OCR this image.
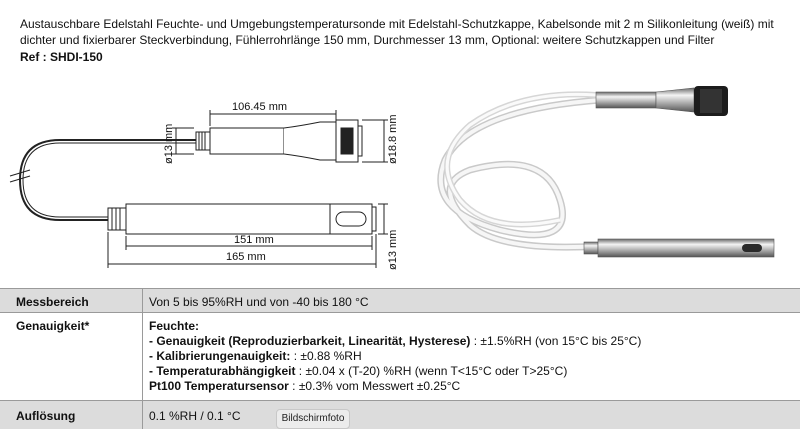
Austauschbare Edelstahl Feuchte- und Umgebungstemperatursonde mit Edelstahl-Schutzkappe, Kabelsonde mit 2 m Silikonleitung (weiß) mit dichter und fixierbarer Steckverbindung, Fühlerrohrlänge 150 mm, Durchmesser 13 mm, Optional: weitere Schutzkappen und Filter
Ref : SHDI-150
ø13 mm
106.45 mm
ø18.8 mm
151 mm
165 mm	ø13 mm
Messbereich	Von 5 bis 95%RH und von -40 bis 180 °C
Genauigkeit*	Feuchte:
- Genauigkeit (Reproduzierbarkeit, Linearität, Hysterese) : ±1.5%RH (von 15°C bis 25°C)
- Kalibrierungenauigkeit: : ±0.88 %RH
- Temperaturabhängigkeit : ±0.04 x (T-20) %RH (wenn T<15°C oder T>25°C)
Pt100 Temperatursensor : ±0.3% vom Messwert ±0.25°C

Auflösung	0.1 %RH / 0.1 °C	Bildschirmfoto
